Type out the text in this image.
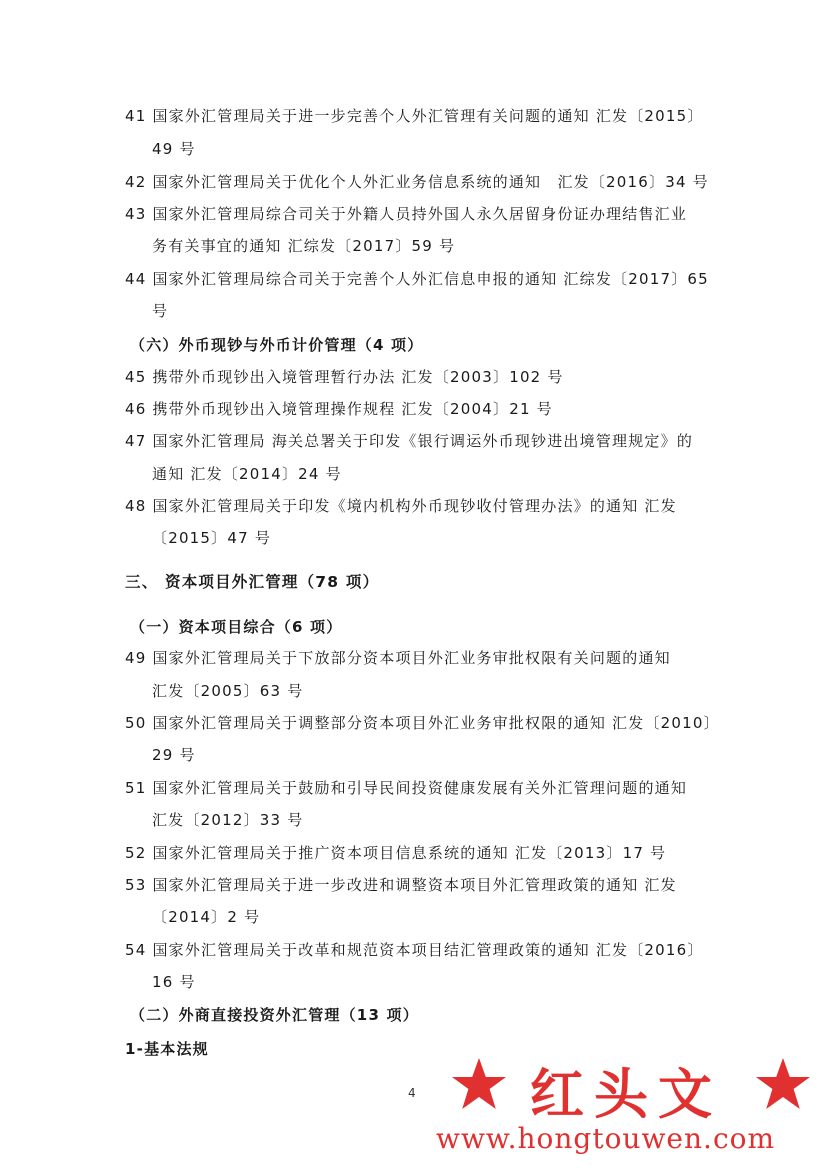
41 国家外汇管理局关于进一步完善个人外汇管理有关问题的通知 汇发〔2015〕
49 号
42 国家外汇管理局关于优化个人外汇业务信息系统的通知　汇发〔2016〕34 号
43 国家外汇管理局综合司关于外籍人员持外国人永久居留身份证办理结售汇业
务有关事宜的通知 汇综发〔2017〕59 号
44 国家外汇管理局综合司关于完善个人外汇信息申报的通知 汇综发〔2017〕65
号
（六）外币现钞与外币计价管理（4 项）
45 携带外币现钞出入境管理暂行办法 汇发〔2003〕102 号
46 携带外币现钞出入境管理操作规程 汇发〔2004〕21 号
47 国家外汇管理局 海关总署关于印发《银行调运外币现钞进出境管理规定》的
通知 汇发〔2014〕24 号
48 国家外汇管理局关于印发《境内机构外币现钞收付管理办法》的通知 汇发
〔2015〕47 号
三、 资本项目外汇管理（78 项）
（一）资本项目综合（6 项）
49 国家外汇管理局关于下放部分资本项目外汇业务审批权限有关问题的通知
汇发〔2005〕63 号
50 国家外汇管理局关于调整部分资本项目外汇业务审批权限的通知 汇发〔2010〕
29 号
51 国家外汇管理局关于鼓励和引导民间投资健康发展有关外汇管理问题的通知
汇发〔2012〕33 号
52 国家外汇管理局关于推广资本项目信息系统的通知 汇发〔2013〕17 号
53 国家外汇管理局关于进一步改进和调整资本项目外汇管理政策的通知 汇发
〔2014〕2 号
54 国家外汇管理局关于改革和规范资本项目结汇管理政策的通知 汇发〔2016〕
16 号
（二）外商直接投资外汇管理（13 项）
1-基本法规
4 红头文
www.hongtouwen.com
